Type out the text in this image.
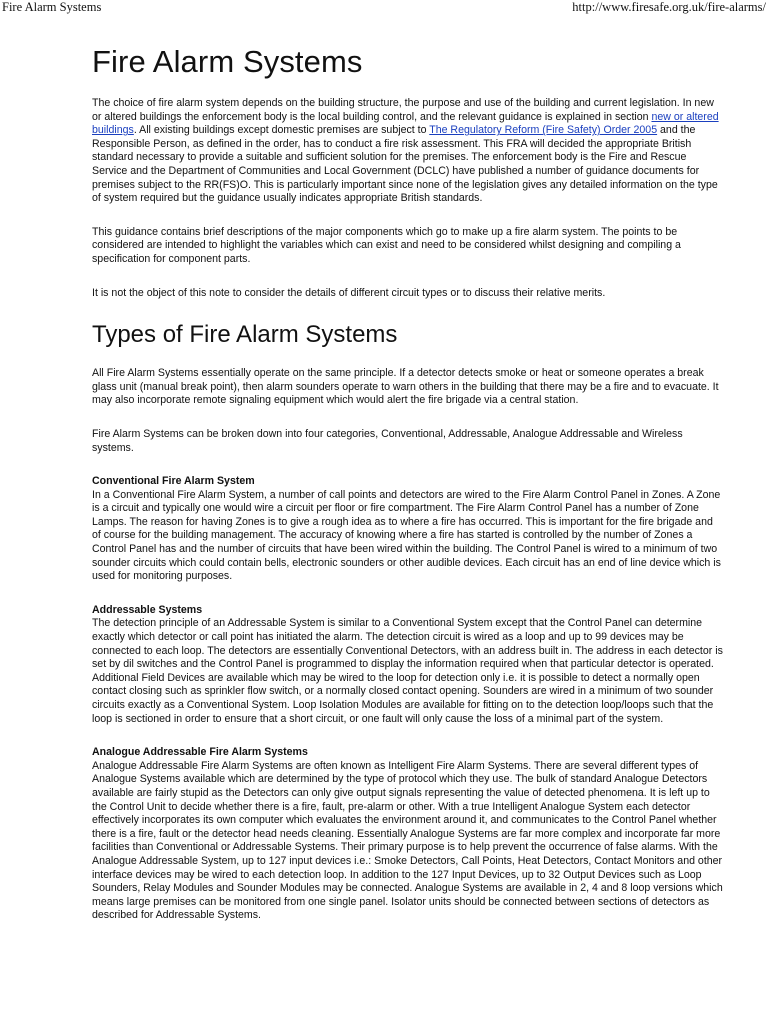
Fire Alarm Systems	http://www.firesafe.org.uk/fire-alarms/
Fire Alarm Systems

The choice of fire alarm system depends on the building structure, the purpose and use of the building and current legislation. In new or altered buildings the enforcement body is the local building control, and the relevant guidance is explained in section new or altered buildings. All existing buildings except domestic premises are subject to The Regulatory Reform (Fire Safety) Order 2005 and the Responsible Person, as defined in the order, has to conduct a fire risk assessment. This FRA will decided the appropriate British standard necessary to provide a suitable and sufficient solution for the premises. The enforcement body is the Fire and Rescue Service and the Department of Communities and Local Government (DCLC) have published a number of guidance documents for premises subject to the RR(FS)O. This is particularly important since none of the legislation gives any detailed information on the type of system required but the guidance usually indicates appropriate British standards.

This guidance contains brief descriptions of the major components which go to make up a fire alarm system. The points to be considered are intended to highlight the variables which can exist and need to be considered whilst designing and compiling a specification for component parts.

It is not the object of this note to consider the details of different circuit types or to discuss their relative merits.

Types of Fire Alarm Systems

All Fire Alarm Systems essentially operate on the same principle. If a detector detects smoke or heat or someone operates a break glass unit (manual break point), then alarm sounders operate to warn others in the building that there may be a fire and to evacuate. It may also incorporate remote signaling equipment which would alert the fire brigade via a central station.

Fire Alarm Systems can be broken down into four categories, Conventional, Addressable, Analogue Addressable and Wireless systems.

Conventional Fire Alarm System
In a Conventional Fire Alarm System, a number of call points and detectors are wired to the Fire Alarm Control Panel in Zones. A Zone is a circuit and typically one would wire a circuit per floor or fire compartment. The Fire Alarm Control Panel has a number of Zone Lamps. The reason for having Zones is to give a rough idea as to where a fire has occurred. This is important for the fire brigade and of course for the building management. The accuracy of knowing where a fire has started is controlled by the number of Zones a Control Panel has and the number of circuits that have been wired within the building. The Control Panel is wired to a minimum of two sounder circuits which could contain bells, electronic sounders or other audible devices. Each circuit has an end of line device which is used for monitoring purposes.

Addressable Systems
The detection principle of an Addressable System is similar to a Conventional System except that the Control Panel can determine exactly which detector or call point has initiated the alarm. The detection circuit is wired as a loop and up to 99 devices may be connected to each loop. The detectors are essentially Conventional Detectors, with an address built in. The address in each detector is set by dil switches and the Control Panel is programmed to display the information required when that particular detector is operated. Additional Field Devices are available which may be wired to the loop for detection only i.e. it is possible to detect a normally open contact closing such as sprinkler flow switch, or a normally closed contact opening. Sounders are wired in a minimum of two sounder circuits exactly as a Conventional System. Loop Isolation Modules are available for fitting on to the detection loop/loops such that the loop is sectioned in order to ensure that a short circuit, or one fault will only cause the loss of a minimal part of the system.

Analogue Addressable Fire Alarm Systems
Analogue Addressable Fire Alarm Systems are often known as Intelligent Fire Alarm Systems. There are several different types of Analogue Systems available which are determined by the type of protocol which they use. The bulk of standard Analogue Detectors available are fairly stupid as the Detectors can only give output signals representing the value of detected phenomena. It is left up to the Control Unit to decide whether there is a fire, fault, pre-alarm or other. With a true Intelligent Analogue System each detector effectively incorporates its own computer which evaluates the environment around it, and communicates to the Control Panel whether there is a fire, fault or the detector head needs cleaning. Essentially Analogue Systems are far more complex and incorporate far more facilities than Conventional or Addressable Systems. Their primary purpose is to help prevent the occurrence of false alarms. With the Analogue Addressable System, up to 127 input devices i.e.: Smoke Detectors, Call Points, Heat Detectors, Contact Monitors and other interface devices may be wired to each detection loop. In addition to the 127 Input Devices, up to 32 Output Devices such as Loop Sounders, Relay Modules and Sounder Modules may be connected. Analogue Systems are available in 2, 4 and 8 loop versions which means large premises can be monitored from one single panel. Isolator units should be connected between sections of detectors as described for Addressable Systems.
